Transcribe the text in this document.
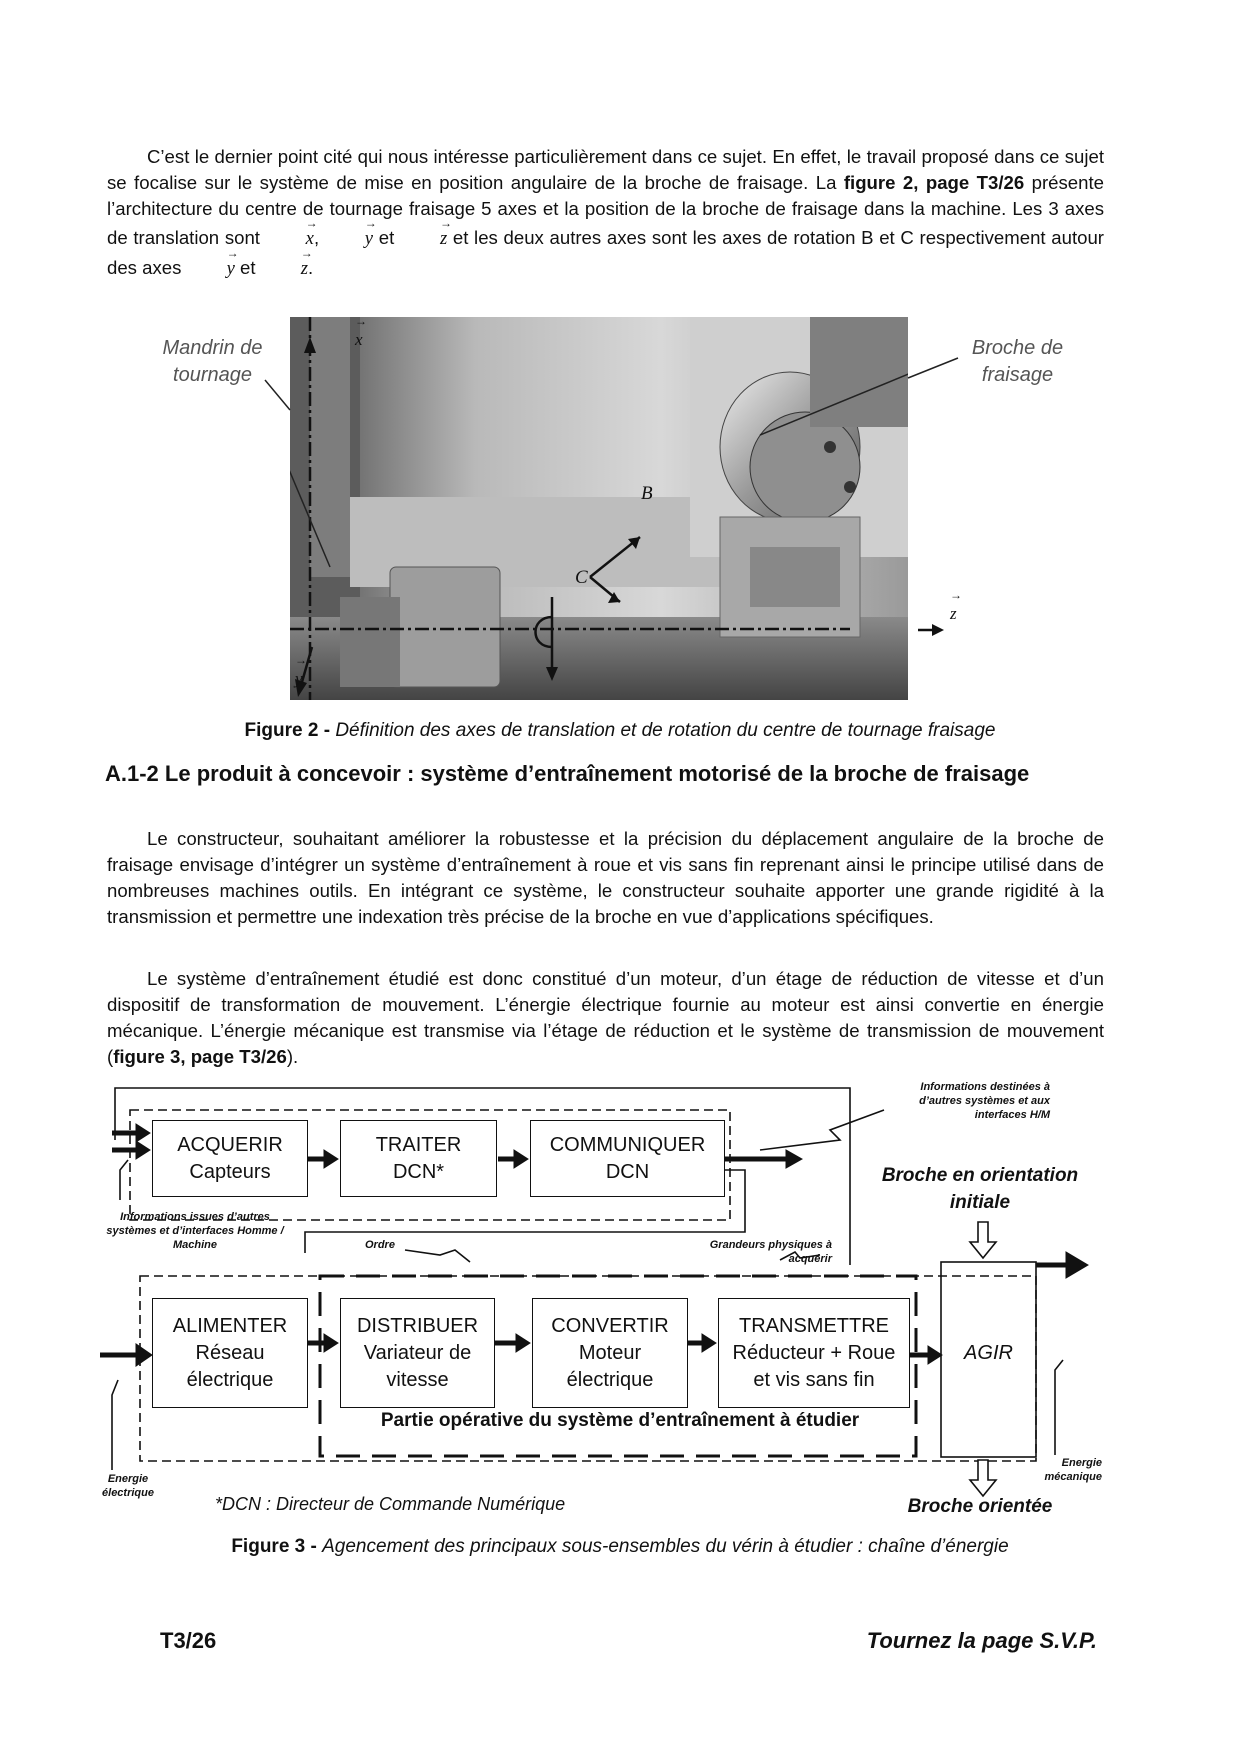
C’est le dernier point cité qui nous intéresse particulièrement dans ce sujet. En effet, le travail proposé dans ce sujet se focalise sur le système de mise en position angulaire de la broche de fraisage. La figure 2, page T3/26 présente l’architecture du centre de tournage fraisage 5 axes et la position de la broche de fraisage dans la machine. Les 3 axes de translation sont → x, → y et → z et les deux autres axes sont les axes de rotation B et C respectivement autour des axes → y et → z.

Mandrin de tournage
Broche de fraisage
→ x
→ y
→ z
B
C
Figure 2 - Définition des axes de translation et de rotation du centre de tournage fraisage
A.1-2 Le produit à concevoir : système d’entraînement motorisé de la broche de fraisage

Le constructeur, souhaitant améliorer la robustesse et la précision du déplacement angulaire de la broche de fraisage envisage d’intégrer un système d’entraînement à roue et vis sans fin reprenant ainsi le principe utilisé dans de nombreuses machines outils. En intégrant ce système, le constructeur souhaite apporter une grande rigidité à la transmission et permettre une indexation très précise de la broche en vue d’applications spécifiques.

Le système d’entraînement étudié est donc constitué d’un moteur, d’un étage de réduction de vitesse et d’un dispositif de transformation de mouvement. L’énergie électrique fournie au moteur est ainsi convertie en énergie mécanique. L’énergie mécanique est transmise via l’étage de réduction et le système de transmission de mouvement (figure 3, page T3/26).

ACQUERIR
Capteurs
TRAITER
DCN*
COMMUNIQUER
DCN
ALIMENTER
Réseau électrique
DISTRIBUER
Variateur de vitesse
CONVERTIR
Moteur électrique
TRANSMETTRE
Réducteur + Roue et vis sans fin
AGIR
Partie opérative du système d’entraînement à étudier
Informations destinées à d’autres systèmes et aux interfaces H/M
Informations issues d’autres systèmes et d’interfaces Homme / Machine	Ordre	Grandeurs physiques à acquérir
Broche en orientation initiale
Broche orientée
Energie électrique
Energie mécanique
*DCN : Directeur de Commande Numérique
Figure 3 - Agencement des principaux sous-ensembles du vérin à étudier : chaîne d’énergie
T3/26	Tournez la page S.V.P.
